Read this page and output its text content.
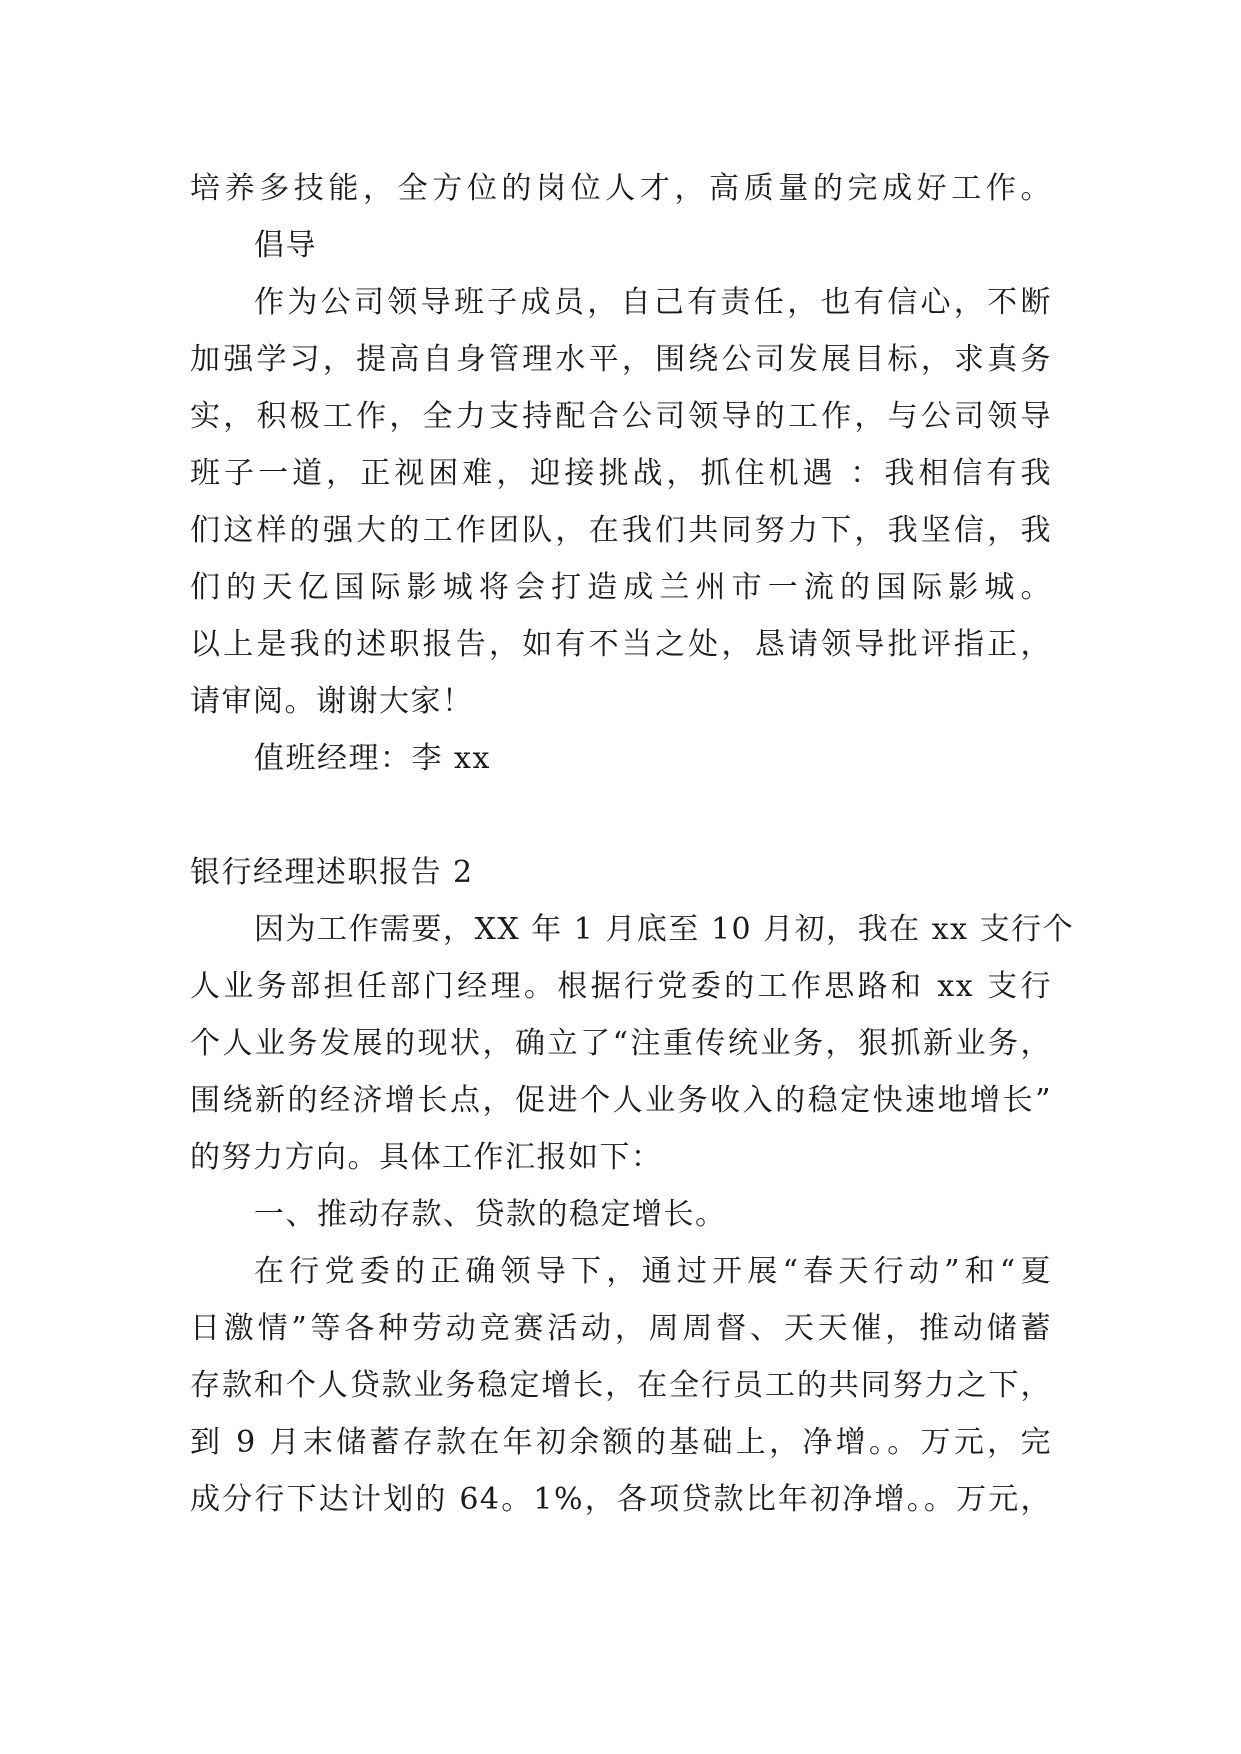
培养多技能，全方位的岗位人才，高质量的完成好工作。
倡导
作为公司领导班子成员，自己有责任，也有信心，不断
加强学习，提高自身管理水平，围绕公司发展目标，求真务
实，积极工作，全力支持配合公司领导的工作，与公司领导
班子一道，正视困难，迎接挑战，抓住机遇 ：我相信有我
们这样的强大的工作团队，在我们共同努力下，我坚信，我
们的天亿国际影城将会打造成兰州市一流的国际影城。
以上是我的述职报告，如有不当之处，恳请领导批评指正，
请审阅。谢谢大家！
值班经理：李 xx
银行经理述职报告 2
因为工作需要，XX 年 1 月底至 10 月初，我在 xx 支行个
人业务部担任部门经理。根据行党委的工作思路和 xx 支行
个人业务发展的现状，确立了“注重传统业务，狠抓新业务，
围绕新的经济增长点，促进个人业务收入的稳定快速地增长”
的努力方向。具体工作汇报如下：
一、推动存款、贷款的稳定增长。
在行党委的正确领导下，通过开展“春天行动”和“夏
日激情”等各种劳动竞赛活动，周周督、天天催，推动储蓄
存款和个人贷款业务稳定增长，在全行员工的共同努力之下，
到 9 月末储蓄存款在年初余额的基础上，净增。。万元，完
成分行下达计划的 64。1%，各项贷款比年初净增。。万元，
